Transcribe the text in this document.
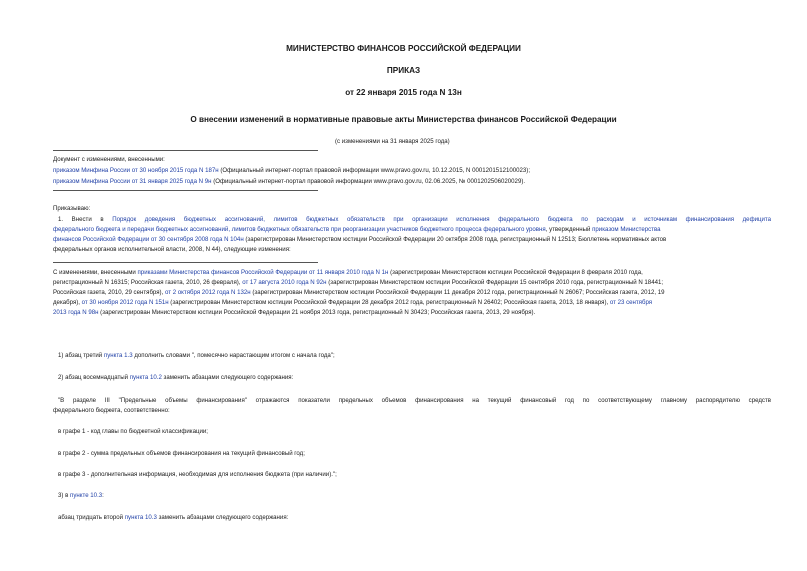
МИНИСТЕРСТВО ФИНАНСОВ РОССИЙСКОЙ ФЕДЕРАЦИИ
ПРИКАЗ
от 22 января 2015 года N 13н
О внесении изменений в нормативные правовые акты Министерства финансов Российской Федерации
(с изменениями на 31 января 2025 года)
Документ с изменениями, внесенными:
приказом Минфина России от 30 ноября 2015 года N 187н (Официальный интернет-портал правовой информации www.pravo.gov.ru, 10.12.2015, N 0001201512100023);
приказом Минфина России от 31 января 2025 года N 9н (Официальный интернет-портал правовой информации www.pravo.gov.ru, 02.06.2025, № 0001202506020029).
Приказываю:
1. Внести в Порядок доведения бюджетных ассигнований, лимитов бюджетных обязательств при организации исполнения федерального бюджета по расходам и источникам финансирования дефицита
федерального бюджета и передачи бюджетных ассигнований, лимитов бюджетных обязательств при реорганизации участников бюджетного процесса федерального уровня, утвержденный приказом Министерства
финансов Российской Федерации от 30 сентября 2008 года N 104н (зарегистрирован Министерством юстиции Российской Федерации 20 октября 2008 года, регистрационный N 12513; Бюллетень нормативных актов
федеральных органов исполнительной власти, 2008, N 44), следующие изменения:
С изменениями, внесенными приказами Министерства финансов Российской Федерации от 11 января 2010 года N 1н (зарегистрирован Министерством юстиции Российской Федерации 8 февраля 2010 года,
регистрационный N 16315; Российская газета, 2010, 26 февраля), от 17 августа 2010 года N 92н (зарегистрирован Министерством юстиции Российской Федерации 15 сентября 2010 года, регистрационный N 18441;
Российская газета, 2010, 29 сентября), от 2 октября 2012 года N 132н (зарегистрирован Министерством юстиции Российской Федерации 11 декабря 2012 года, регистрационный N 26067; Российская газета, 2012, 19
декабря), от 30 ноября 2012 года N 151н (зарегистрирован Министерством юстиции Российской Федерации 28 декабря 2012 года, регистрационный N 26402; Российская газета, 2013, 18 января), от 23 сентября
2013 года N 98н (зарегистрирован Министерством юстиции Российской Федерации 21 ноября 2013 года, регистрационный N 30423; Российская газета, 2013, 29 ноября).
1) абзац третий пункта 1.3 дополнить словами ", помесячно нарастающим итогом с начала года";
2) абзац восемнадцатый пункта 10.2 заменить абзацами следующего содержания:
"В разделе III "Предельные объемы финансирования" отражаются показатели предельных объемов финансирования на текущий финансовый год по соответствующему главному распорядителю средств
федерального бюджета, соответственно:
в графе 1 - код главы по бюджетной классификации;
в графе 2 - сумма предельных объемов финансирования на текущий финансовый год;
в графе 3 - дополнительная информация, необходимая для исполнения бюджета (при наличии).";
3) в пункте 10.3:
абзац тридцать второй пункта 10.3 заменить абзацами следующего содержания:
